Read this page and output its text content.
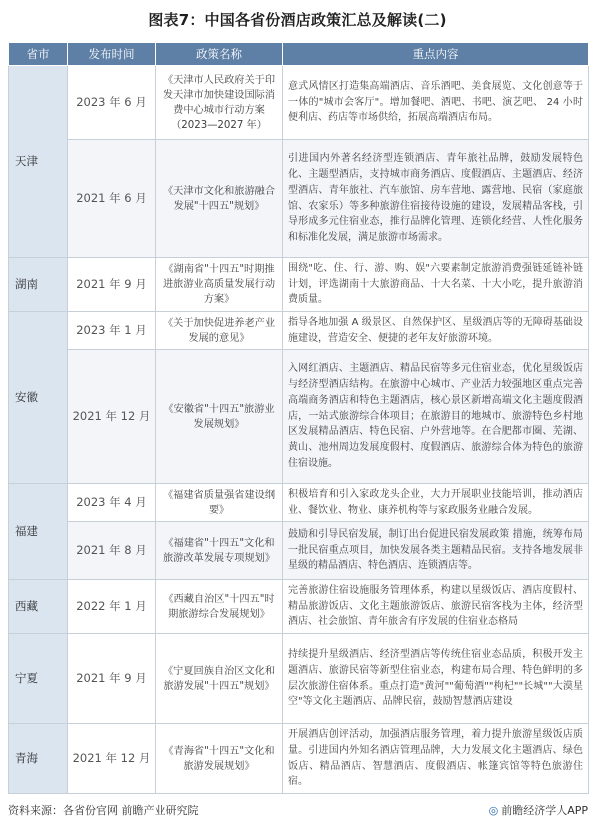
图表7：中国各省份酒店政策汇总及解读(二)
省市	发布时间	政策名称	重点内容
天津	2023 年 6 月	《天津市人民政府关于印发天津市加快建设国际消费中心城市行动方案（2023—2027 年）	意式风情区打造集高端酒店、音乐酒吧、美食展览、文化创意等于一体的"城市会客厅"。增加餐吧、酒吧、书吧、演艺吧、 24 小时便利店、药店等市场供给，拓展高端酒店布局。
	2021 年 6 月	《天津市文化和旅游融合发展"十四五"规划》	引进国内外著名经济型连锁酒店、青年旅社品牌，鼓励发展特色化、主题型酒店，支持城市商务酒店、度假酒店、主题酒店、经济型酒店、青年旅社、汽车旅馆、房车营地、露营地、民宿（家庭旅馆、农家乐）等多种旅游住宿接待设施的建设，发展精品客栈，引导形成多元住宿业态，推行品牌化管理、连锁化经营、人性化服务和标准化发展，满足旅游市场需求。
湖南	2021 年 9 月	《湖南省"十四五"时期推进旅游业高质量发展行动方案》	围绕"吃、住、行、游、购、娱"六要素制定旅游消费强链延链补链计划，评选湖南十大旅游商品、十大名菜、十大小吃，提升旅游消费质量。
安徽	2023 年 1 月	《关于加快促进养老产业发展的意见》	指导各地加强 A 级景区、自然保护区、星级酒店等的无障碍基础设施建设，营造安全、便捷的老年友好旅游环境。
	2021 年 12 月	《安徽省"十四五"旅游业发展规划》	入网红酒店、主题酒店、精品民宿等多元住宿业态，优化星级饭店与经济型酒店结构。在旅游中心城市、产业活力较强地区重点完善高端商务酒店和特色主题酒店，核心景区新增高端文化主题度假酒店，一站式旅游综合体项目；在旅游目的地城市、旅游特色乡村地区发展精品酒店、特色民宿、户外营地等。在合肥都市圈、芜湖、黄山、池州周边发展度假村、度假酒店、旅游综合体为特色的旅游住宿设施。
福建	2023 年 4 月	《福建省质量强省建设纲要》	积极培育和引入家政龙头企业，大力开展职业技能培训，推动酒店业、餐饮业、物业、康养机构等与家政服务业融合发展。
	2021 年 8 月	《福建省"十四五"文化和旅游改革发展专项规划》	鼓励和引导民宿发展，制订出台促进民宿发展政策 措施，统筹布局一批民宿重点项目，加快发展各类主题精品民宿。支持各地发展非星级的精品酒店、特色酒店、连锁酒店等。
西藏	2022 年 1 月	《西藏自治区"十四五"时期旅游综合发展规划》	完善旅游住宿设施服务管理体系，构建以星级饭店、酒店度假村、精品旅游饭店、文化主题旅游饭店、旅游民宿客栈为主体，经济型酒店、社会旅馆、青年旅舍有序发展的住宿业态格局
宁夏	2021 年 9 月	《宁夏回族自治区文化和旅游发展"十四五"规划》	持续提升星级酒店、经济型酒店等传统住宿业态品质，积极开发主题酒店、旅游民宿等新型住宿业态，构建布局合理、特色鲜明的多层次旅游住宿体系。重点打造"黄河""葡萄酒""枸杞""长城""大漠星空"等文化主题酒店、品牌民宿，鼓励智慧酒店建设
青海	2021 年 12 月	《青海省"十四五"文化和旅游发展规划》	开展酒店创评活动，加强酒店服务管理，着力提升旅游星级饭店质量。引进国内外知名酒店管理品牌，大力发展文化主题酒店、绿色饭店、精品酒店、智慧酒店、度假酒店、帐篷宾馆等特色旅游住宿。
资料来源：各省份官网 前瞻产业研究院	◎ 前瞻经济学人APP
